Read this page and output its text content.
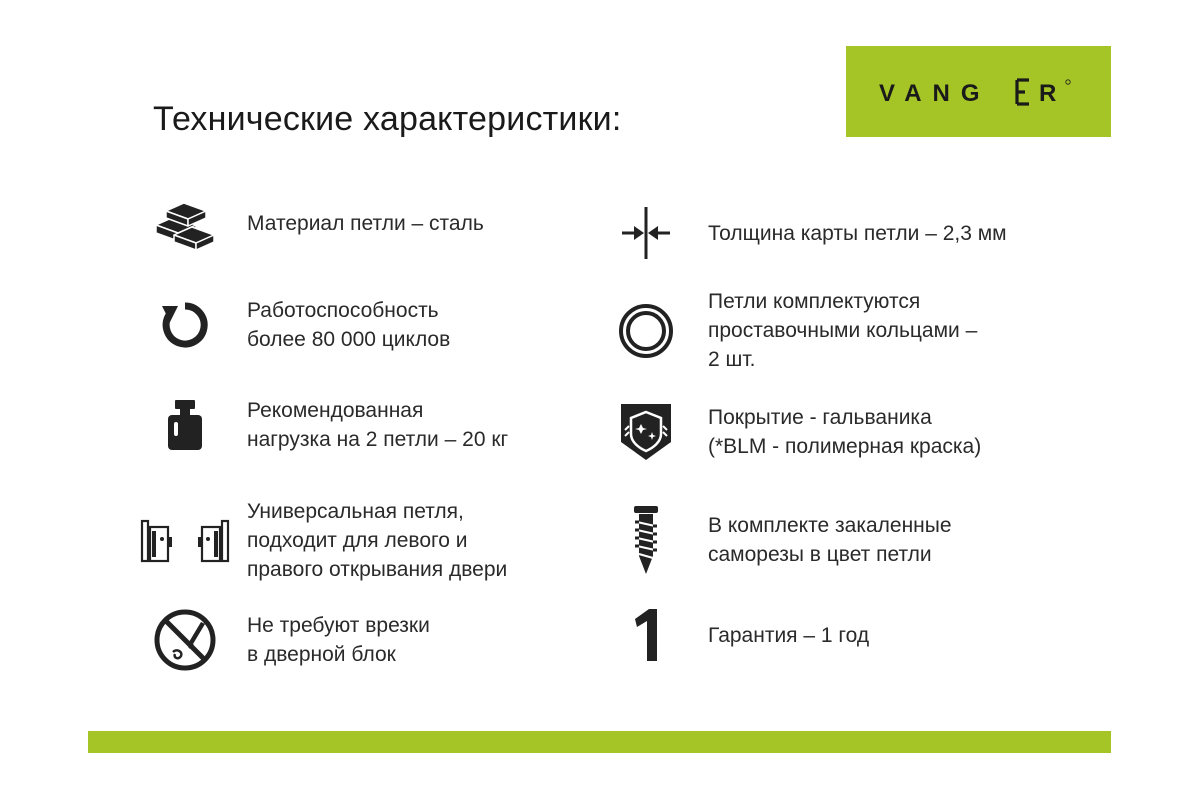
Технические характеристики:
VANG R
Материал петли – сталь
Работоспособность
более 80 000 циклов
Рекомендованная
нагрузка на 2 петли – 20 кг
Универсальная петля,
подходит для левого и
правого открывания двери
Не требуют врезки
в дверной блок
Толщина карты петли – 2,3 мм
Петли комплектуются
проставочными кольцами –
2 шт.
Покрытие - гальваника
(*BLM - полимерная краска)
В комплекте закаленные
саморезы в цвет петли
Гарантия – 1 год
